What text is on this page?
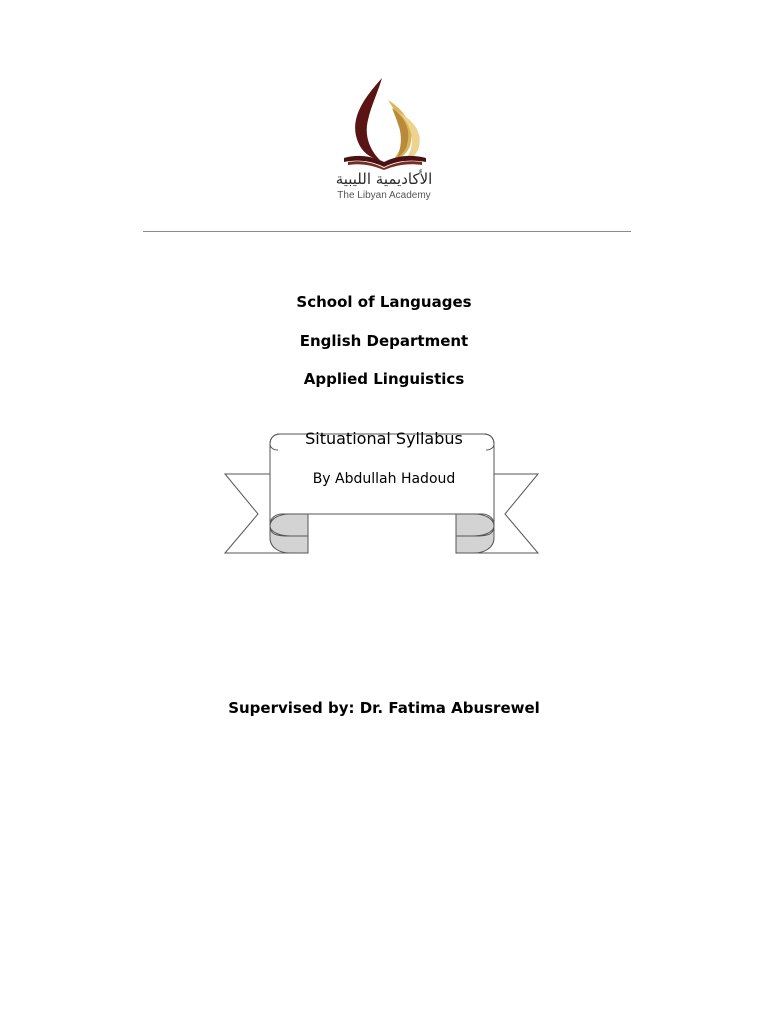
الأكاديمية الليبية
The Libyan Academy
School of Languages
English Department
Applied Linguistics
Situational Syllabus
By Abdullah Hadoud
Supervised by: Dr. Fatima Abusrewel
